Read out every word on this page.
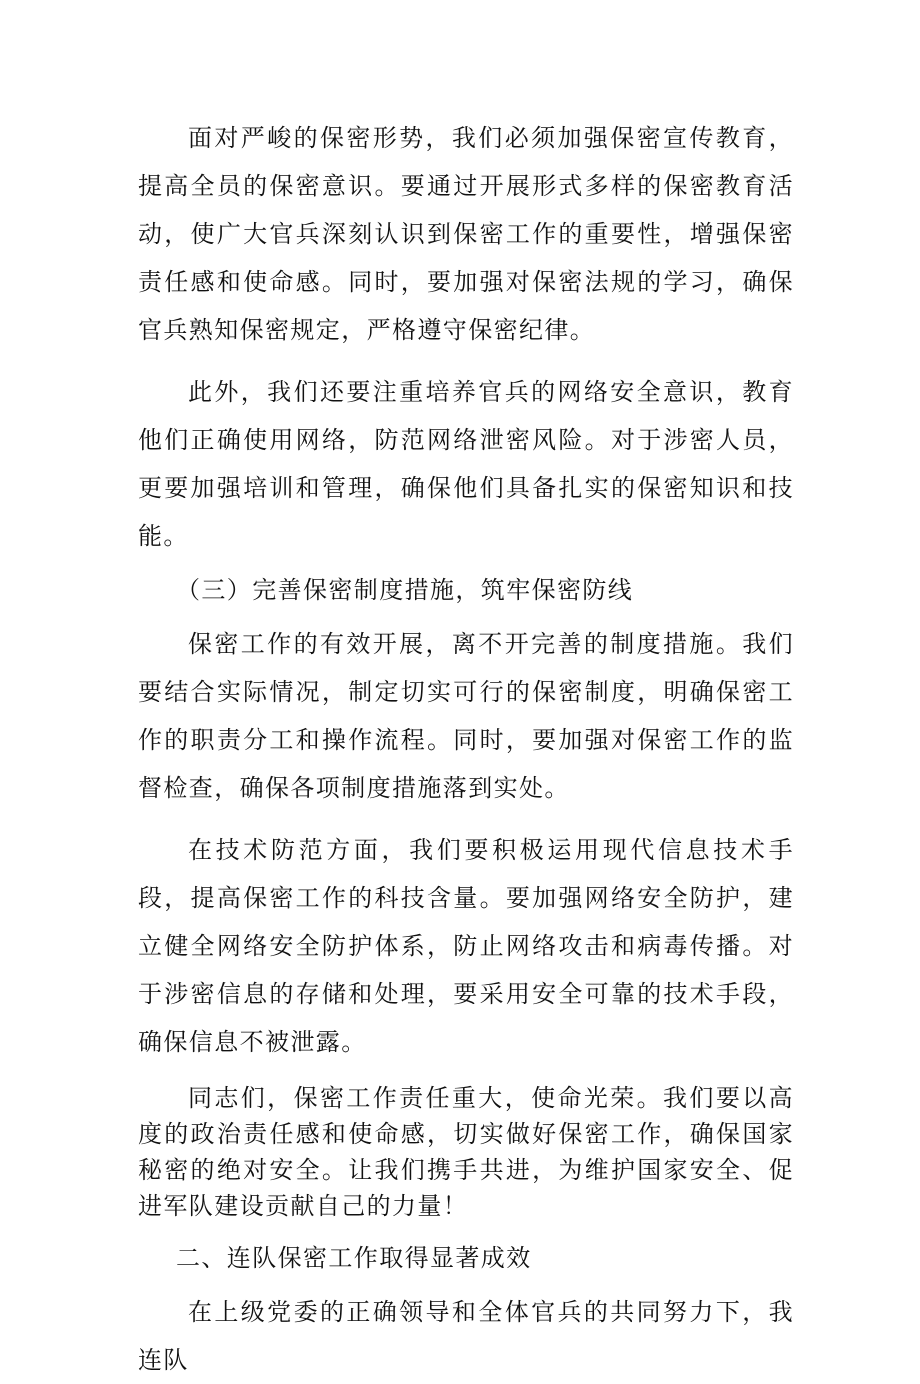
面对严峻的保密形势，我们必须加强保密宣传教育，提高全员的保密意识。要通过开展形式多样的保密教育活动，使广大官兵深刻认识到保密工作的重要性，增强保密责任感和使命感。同时，要加强对保密法规的学习，确保官兵熟知保密规定，严格遵守保密纪律。

此外，我们还要注重培养官兵的网络安全意识，教育他们正确使用网络，防范网络泄密风险。对于涉密人员，更要加强培训和管理，确保他们具备扎实的保密知识和技能。

（三）完善保密制度措施，筑牢保密防线

保密工作的有效开展，离不开完善的制度措施。我们要结合实际情况，制定切实可行的保密制度，明确保密工作的职责分工和操作流程。同时，要加强对保密工作的监督检查，确保各项制度措施落到实处。

在技术防范方面，我们要积极运用现代信息技术手段，提高保密工作的科技含量。要加强网络安全防护，建立健全网络安全防护体系，防止网络攻击和病毒传播。对于涉密信息的存储和处理，要采用安全可靠的技术手段，确保信息不被泄露。

同志们，保密工作责任重大，使命光荣。我们要以高度的政治责任感和使命感，切实做好保密工作，确保国家秘密的绝对安全。让我们携手共进，为维护国家安全、促进军队建设贡献自己的力量！

二、连队保密工作取得显著成效

在上级党委的正确领导和全体官兵的共同努力下，我连队
